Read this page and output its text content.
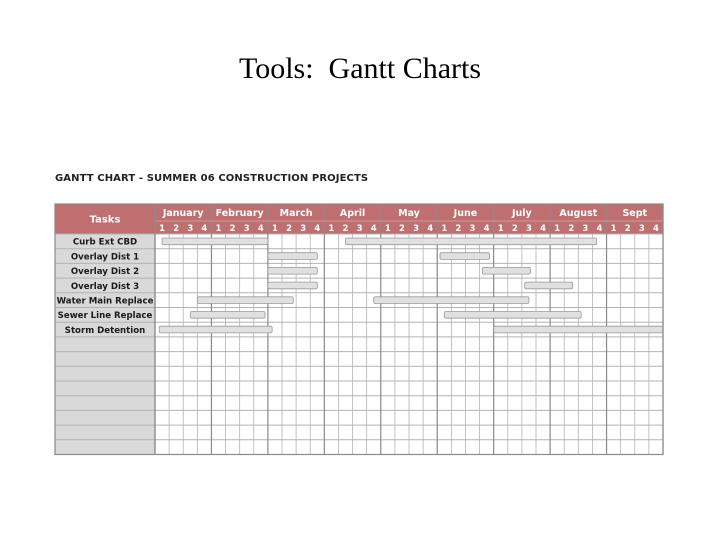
Tools:  Gantt Charts
GANTT CHART - SUMMER 06 CONSTRUCTION PROJECTS
Tasks
January
1 2 3 4
February
1 2 3 4
March
1 2 3 4
April
1 2 3 4
May
1 2 3 4
June
1 2 3 4
July
1 2 3 4
August
1 2 3 4
Sept
1 2 3 4
Curb Ext CBD
Overlay Dist 1
Overlay Dist 2
Overlay Dist 3
Water Main Replace
Sewer Line Replace
Storm Detention
